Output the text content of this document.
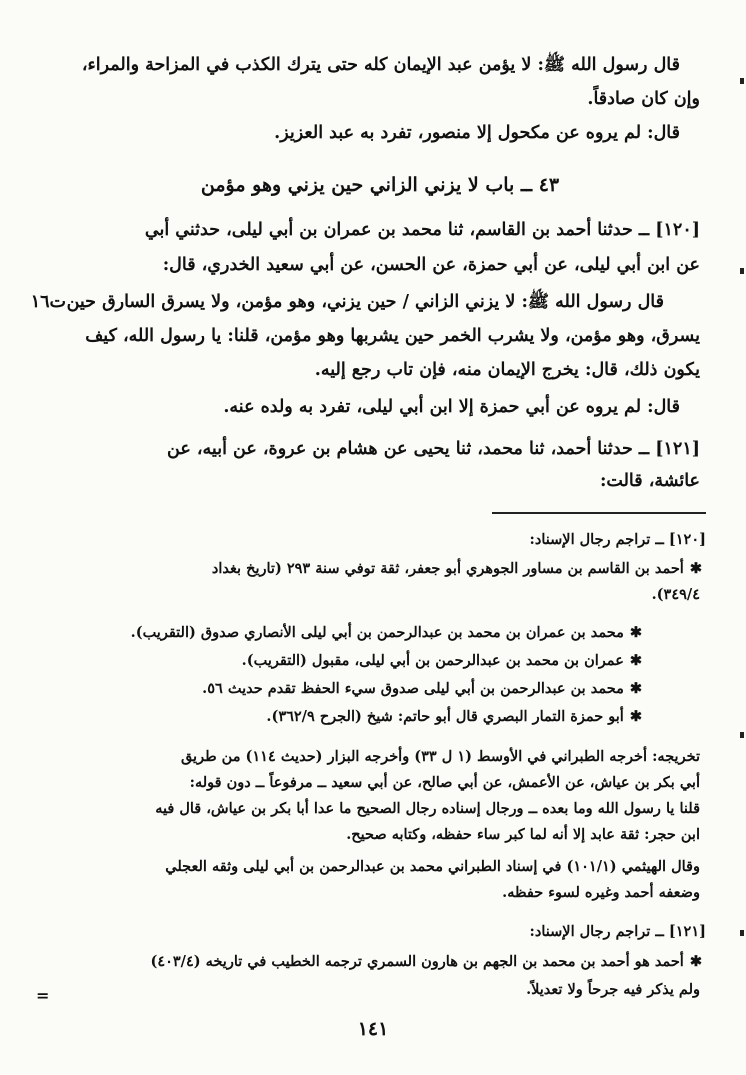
قال رسول الله ﷺ: لا يؤمن عبد الإيمان كله حتى يترك الكذب في المزاحة والمراء،
وإن كان صادقاً.
قال: لم يروه عن مكحول إلا منصور، تفرد به عبد العزيز.
٤٣ ــ باب لا يزني الزاني حين يزني وهو مؤمن
[١٢٠] ــ حدثنا أحمد بن القاسم، ثنا محمد بن عمران بن أبي ليلى، حدثني أبي
عن ابن أبي ليلى، عن أبي حمزة، عن الحسن، عن أبي سعيد الخدري، قال:
قال رسول الله ﷺ: لا يزني الزاني / حين يزني، وهو مؤمن، ولا يسرق السارق حين
ت١٦
يسرق، وهو مؤمن، ولا يشرب الخمر حين يشربها وهو مؤمن، قلنا: يا رسول الله، كيف
يكون ذلك، قال: يخرج الإيمان منه، فإن تاب رجع إليه.
قال: لم يروه عن أبي حمزة إلا ابن أبي ليلى، تفرد به ولده عنه.
[١٢١] ــ حدثنا أحمد، ثنا محمد، ثنا يحيى عن هشام بن عروة، عن أبيه، عن
عائشة، قالت:
[١٢٠] ــ تراجم رجال الإسناد:
✱أحمد بن القاسم بن مساور الجوهري أبو جعفر، ثقة توفي سنة ٢٩٣ (تاريخ بغداد
٣٤٩/٤).
✱محمد بن عمران بن محمد بن عبدالرحمن بن أبي ليلى الأنصاري صدوق (التقريب).
✱عمران بن محمد بن عبدالرحمن بن أبي ليلى، مقبول (التقريب).
✱محمد بن عبدالرحمن بن أبي ليلى صدوق سيء الحفظ تقدم حديث ٥٦.
✱أبو حمزة التمار البصري قال أبو حاتم: شيخ (الجرح ٣٦٢/٩).
تخريجه: أخرجه الطبراني في الأوسط (١ ل ٣٣) وأخرجه البزار (حديث ١١٤) من طريق
أبي بكر بن عياش، عن الأعمش، عن أبي صالح، عن أبي سعيد ــ مرفوعاً ــ دون قوله:
قلنا يا رسول الله وما بعده ــ ورجال إسناده رجال الصحيح ما عدا أبا بكر بن عياش، قال فيه
ابن حجر: ثقة عابد إلا أنه لما كبر ساء حفظه، وكتابه صحيح.
وقال الهيثمي (١٠١/١) في إسناد الطبراني محمد بن عبدالرحمن بن أبي ليلى وثقه العجلي
وضعفه أحمد وغيره لسوء حفظه.
[١٢١] ــ تراجم رجال الإسناد:
✱أحمد هو أحمد بن محمد بن الجهم بن هارون السمري ترجمه الخطيب في تاريخه (٤٠٣/٤)
ولم يذكر فيه جرحاً ولا تعديلاً.
=
١٤١
